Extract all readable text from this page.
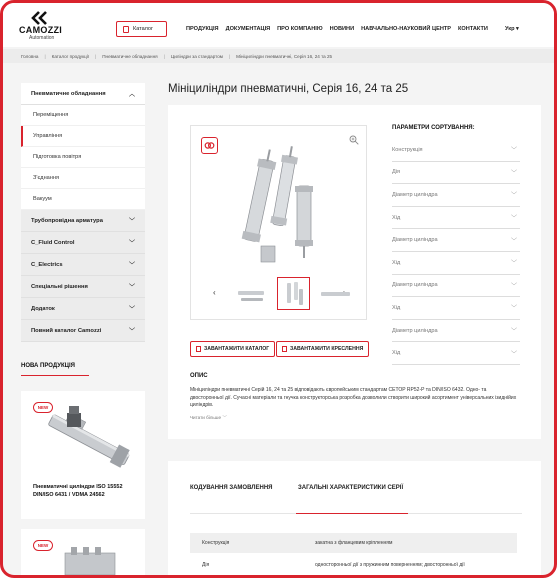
CAMOZZI
Automation
Каталог	ПРОДУКЦІЯ ДОКУМЕНТАЦІЯ ПРО КОМПАНІЮ НОВИНИ НАВЧАЛЬНО-НАУКОВИЙ ЦЕНТР КОНТАКТИ	Укр ▾
Головна | Каталог продукції | Пневматичне обладнання | Циліндри за стандартом | Мініциліндри пневматичні, Серія 16, 24 та 25
Пневматичне обладнання	︿
Переміщення
Управління
Підготовка повітря
З'єднання
Вакуум
Трубопровідна арматура	﹀
C_Fluid Control	﹀
C_Electrics	﹀
Спеціальні рішення	﹀
Додаток	﹀
Повний каталог Camozzi	﹀
НОВА ПРОДУКЦІЯ
NEW
Пневматичні циліндри ISO 15552 DIN/ISO 6431 / VDMA 24562
NEW
Мініциліндри пневматичні, Серія 16, 24 та 25
‹
ЗАВАНТАЖИТИ КАТАЛОГ	ЗАВАНТАЖИТИ КРЕСЛЕННЯ
ОПИС
Мініциліндри пневматичні Серій 16, 24 та 25 відповідають європейським стандартам CETOP RP52-P та DIN/ISO 6432. Одно- та двосторонньої дії. Сучасні матеріали та гнучка конструкторська розробка дозволили створити широкий асортимент універсальних ізиднійих циліндрів.
Читати більше ﹀
ПАРАМЕТРИ СОРТУВАННЯ:
Конструкція	﹀
Дія	﹀
Діаметр циліндра	﹀
Хід	﹀
Діаметр циліндра	﹀
Хід	﹀
Діаметр циліндра	﹀
Хід	﹀
Діаметр циліндра	﹀
Хід	﹀
КОДУВАННЯ ЗАМОВЛЕННЯ	ЗАГАЛЬНІ ХАРАКТЕРИСТИКИ СЕРІЇ
Конструкція	закатна з фланцевим кріпленням
Дія	односторонньої дії з пружинним поверненням; двосторонньої дії
